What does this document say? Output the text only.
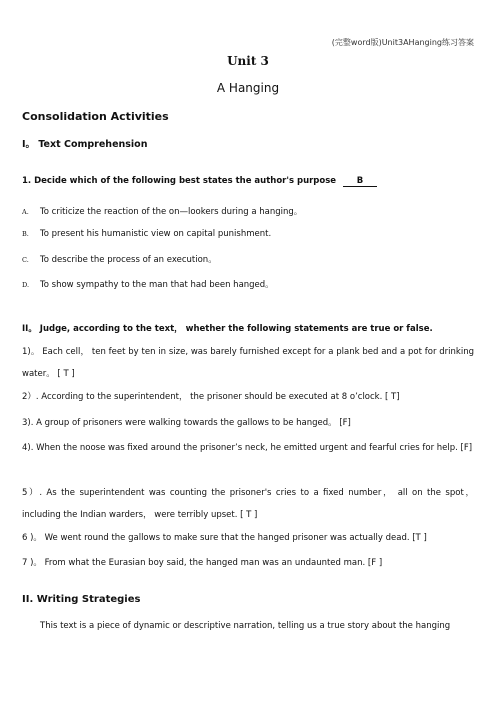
(完整word版)Unit3AHanging练习答案
Unit 3
A Hanging
Consolidation Activities
I。 Text Comprehension
1. Decide which of the following best states the author's purpose B
A. To criticize the reaction of the on—lookers during a hanging。
B. To present his humanistic view on capital punishment.
C. To describe the process of an execution。
D. To show sympathy to the man that had been hanged。
II。 Judge, according to the text， whether the following statements are true or false.

1)。 Each cell， ten feet by ten in size, was barely furnished except for a plank bed and a pot for drinking water。 [ T ]

2）. According to the superintendent， the prisoner should be executed at 8 o’clock. [ T]

3). A group of prisoners were walking towards the gallows to be hanged。 [F]

4). When the noose was fixed around the prisoner’s neck, he emitted urgent and fearful cries for help. [F]

5）. As the superintendent was counting the prisoner's cries to a fixed number， all on the spot，including the Indian warders， were terribly upset. [ T ]

6 )。 We went round the gallows to make sure that the hanged prisoner was actually dead. [T ]

7 )。 From what the Eurasian boy said, the hanged man was an undaunted man. [F ]

II. Writing Strategies

This text is a piece of dynamic or descriptive narration, telling us a true story about the hanging
